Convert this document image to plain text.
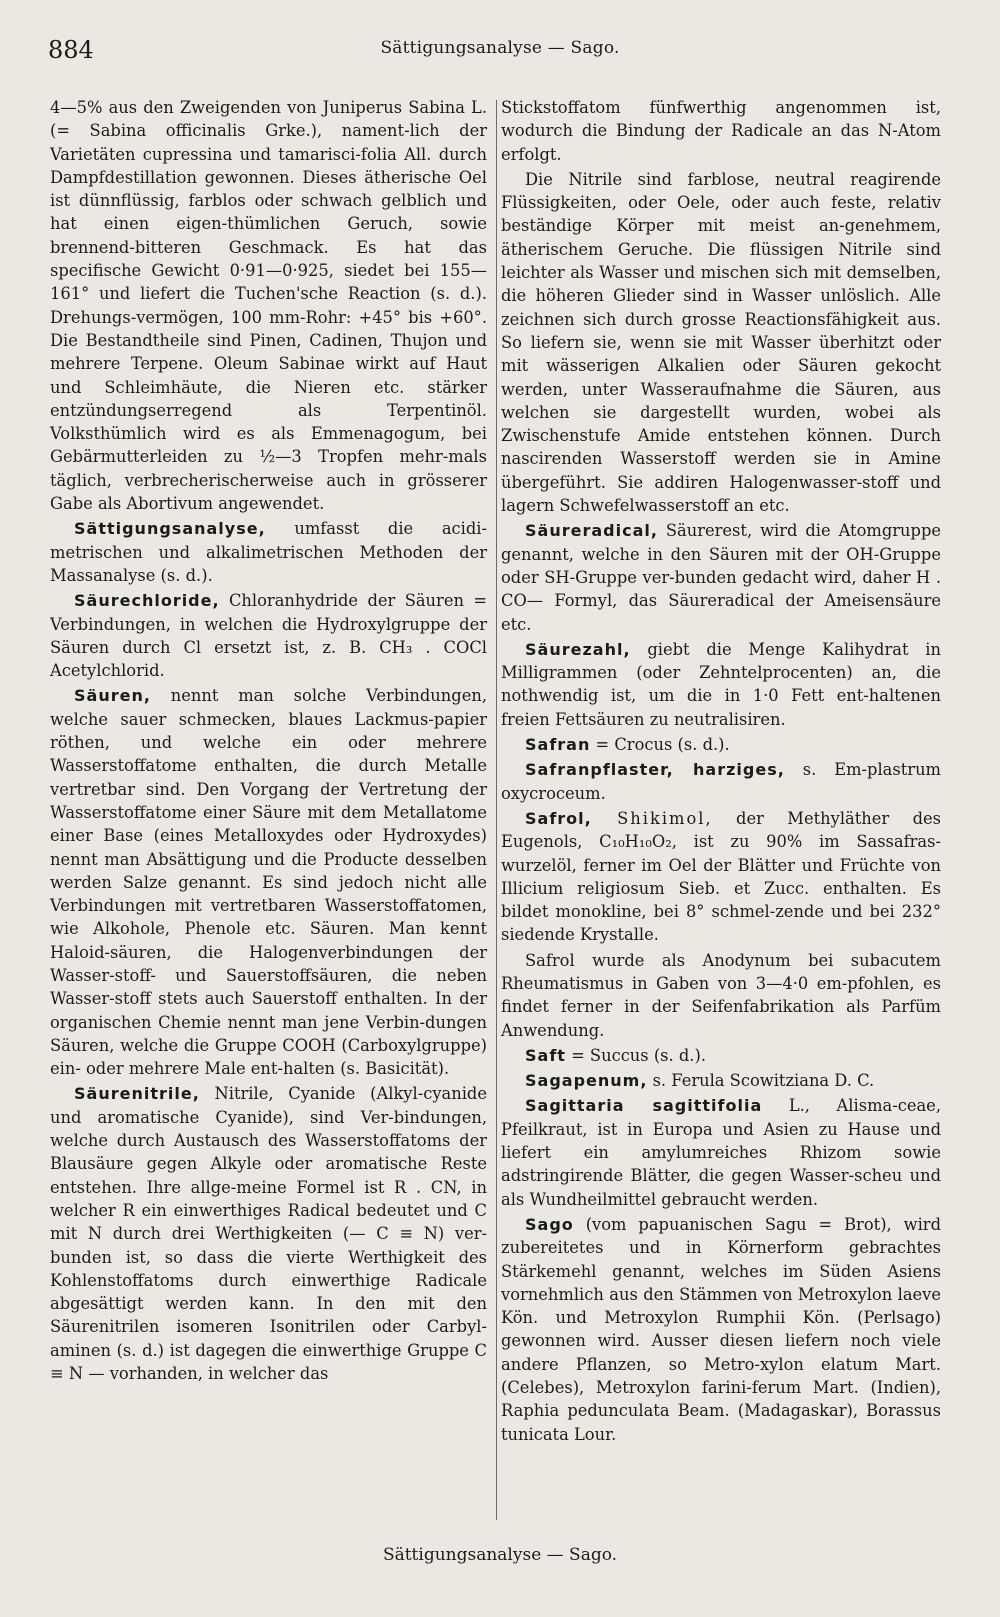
884	Sättigungsanalyse — Sago.

4—5% aus den Zweigenden von Juniperus Sabina L. (= Sabina officinalis Grke.), nament-lich der Varietäten cupressina und tamarisci-folia All. durch Dampfdestillation gewonnen. Dieses ätherische Oel ist dünnflüssig, farblos oder schwach gelblich und hat einen eigen-thümlichen Geruch, sowie brennend-bitteren Geschmack. Es hat das specifische Gewicht 0·91—0·925, siedet bei 155—161° und liefert die Tuchen'sche Reaction (s. d.). Drehungs-vermögen, 100 mm-Rohr: +45° bis +60°. Die Bestandtheile sind Pinen, Cadinen, Thujon und mehrere Terpene. Oleum Sabinae wirkt auf Haut und Schleimhäute, die Nieren etc. stärker entzündungserregend als Terpentinöl. Volksthümlich wird es als Emmenagogum, bei Gebärmutterleiden zu ½—3 Tropfen mehr-mals täglich, verbrecherischerweise auch in grösserer Gabe als Abortivum angewendet.

Sättigungsanalyse, umfasst die acidi-metrischen und alkalimetrischen Methoden der Massanalyse (s. d.).

Säurechloride, Chloranhydride der Säuren = Verbindungen, in welchen die Hydroxylgruppe der Säuren durch Cl ersetzt ist, z. B. CH₃ . COCl Acetylchlorid.

Säuren, nennt man solche Verbindungen, welche sauer schmecken, blaues Lackmus-papier röthen, und welche ein oder mehrere Wasserstoffatome enthalten, die durch Metalle vertretbar sind. Den Vorgang der Vertretung der Wasserstoffatome einer Säure mit dem Metallatome einer Base (eines Metalloxydes oder Hydroxydes) nennt man Absättigung und die Producte desselben werden Salze genannt. Es sind jedoch nicht alle Verbindungen mit vertretbaren Wasserstoffatomen, wie Alkohole, Phenole etc. Säuren. Man kennt Haloid-säuren, die Halogenverbindungen der Wasser-stoff- und Sauerstoffsäuren, die neben Wasser-stoff stets auch Sauerstoff enthalten. In der organischen Chemie nennt man jene Verbin-dungen Säuren, welche die Gruppe COOH (Carboxylgruppe) ein- oder mehrere Male ent-halten (s. Basicität).

Säurenitrile, Nitrile, Cyanide (Alkyl-cyanide und aromatische Cyanide), sind Ver-bindungen, welche durch Austausch des Wasserstoffatoms der Blausäure gegen Alkyle oder aromatische Reste entstehen. Ihre allge-meine Formel ist R . CN, in welcher R ein einwerthiges Radical bedeutet und C mit N durch drei Werthigkeiten (— C ≡ N) ver-bunden ist, so dass die vierte Werthigkeit des Kohlenstoffatoms durch einwerthige Radicale abgesättigt werden kann. In den mit den Säurenitrilen isomeren Isonitrilen oder Carbyl-aminen (s. d.) ist dagegen die einwerthige Gruppe C ≡ N — vorhanden, in welcher das

Stickstoffatom fünfwerthig angenommen ist, wodurch die Bindung der Radicale an das N-Atom erfolgt.

Die Nitrile sind farblose, neutral reagirende Flüssigkeiten, oder Oele, oder auch feste, relativ beständige Körper mit meist an-genehmem, ätherischem Geruche. Die flüssigen Nitrile sind leichter als Wasser und mischen sich mit demselben, die höheren Glieder sind in Wasser unlöslich. Alle zeichnen sich durch grosse Reactionsfähigkeit aus. So liefern sie, wenn sie mit Wasser überhitzt oder mit wässerigen Alkalien oder Säuren gekocht werden, unter Wasseraufnahme die Säuren, aus welchen sie dargestellt wurden, wobei als Zwischenstufe Amide entstehen können. Durch nascirenden Wasserstoff werden sie in Amine übergeführt. Sie addiren Halogenwasser-stoff und lagern Schwefelwasserstoff an etc.

Säureradical, Säurerest, wird die Atomgruppe genannt, welche in den Säuren mit der OH-Gruppe oder SH-Gruppe ver-bunden gedacht wird, daher H . CO— Formyl, das Säureradical der Ameisensäure etc.

Säurezahl, giebt die Menge Kalihydrat in Milligrammen (oder Zehntelprocenten) an, die nothwendig ist, um die in 1·0 Fett ent-haltenen freien Fettsäuren zu neutralisiren.

Safran = Crocus (s. d.).

Safranpflaster, harziges, s. Em-plastrum oxycroceum.

Safrol, Shikimol, der Methyläther des Eugenols, C₁₀H₁₀O₂, ist zu 90% im Sassafras-wurzelöl, ferner im Oel der Blätter und Früchte von Illicium religiosum Sieb. et Zucc. enthalten. Es bildet monokline, bei 8° schmel-zende und bei 232° siedende Krystalle.

Safrol wurde als Anodynum bei subacutem Rheumatismus in Gaben von 3—4·0 em-pfohlen, es findet ferner in der Seifenfabrikation als Parfüm Anwendung.

Saft = Succus (s. d.).

Sagapenum, s. Ferula Scowitziana D. C.

Sagittaria sagittifolia L., Alisma-ceae, Pfeilkraut, ist in Europa und Asien zu Hause und liefert ein amylumreiches Rhizom sowie adstringirende Blätter, die gegen Wasser-scheu und als Wundheilmittel gebraucht werden.

Sago (vom papuanischen Sagu = Brot), wird zubereitetes und in Körnerform gebrachtes Stärkemehl genannt, welches im Süden Asiens vornehmlich aus den Stämmen von Metroxylon laeve Kön. und Metroxylon Rumphii Kön. (Perlsago) gewonnen wird. Ausser diesen liefern noch viele andere Pflanzen, so Metro-xylon elatum Mart. (Celebes), Metroxylon farini-ferum Mart. (Indien), Raphia pedunculata Beam. (Madagaskar), Borassus tunicata Lour.

Sättigungsanalyse — Sago.
